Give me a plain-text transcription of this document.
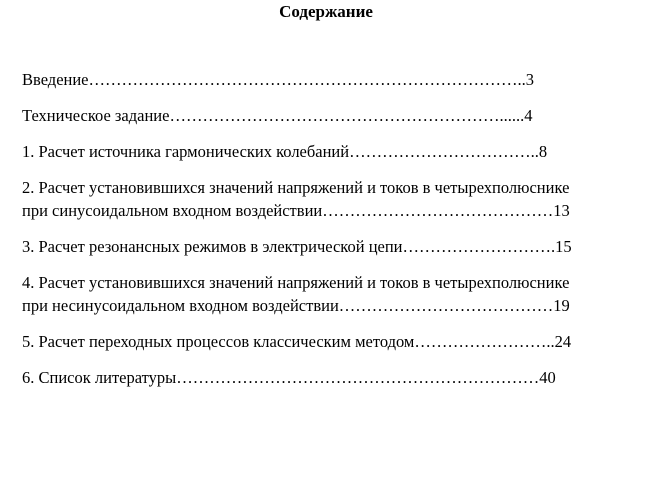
Содержание
Введение……………………………………………………………………..3
Техническое задание……………………………………………………......4
1. Расчет источника гармонических колебаний……………………………..8
2. Расчет установившихся значений напряжений и токов в четырехполюснике
при синусоидальном входном воздействии……………………………………13
3. Расчет резонансных режимов в электрической цепи……………………….15
4. Расчет установившихся значений напряжений и токов в четырехполюснике
при несинусоидальном входном воздействии…………………………………19
5. Расчет переходных процессов классическим методом……………………..24
6. Список литературы…………………………………………………………40
